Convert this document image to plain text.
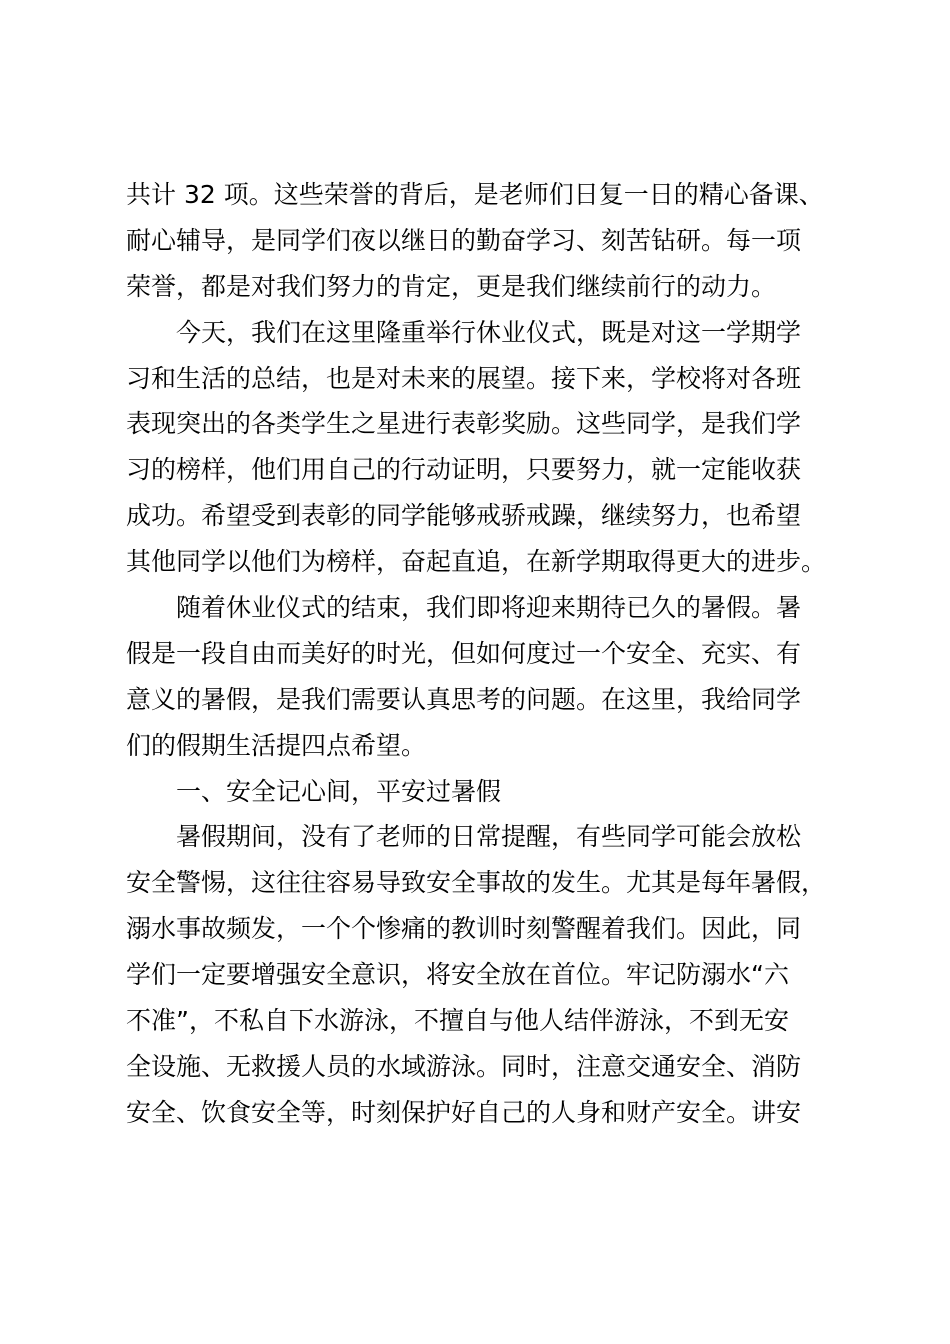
共计 32 项。这些荣誉的背后，是老师们日复一日的精心备课、
耐心辅导，是同学们夜以继日的勤奋学习、刻苦钻研。每一项
荣誉，都是对我们努力的肯定，更是我们继续前行的动力。
今天，我们在这里隆重举行休业仪式，既是对这一学期学
习和生活的总结，也是对未来的展望。接下来，学校将对各班
表现突出的各类学生之星进行表彰奖励。这些同学，是我们学
习的榜样，他们用自己的行动证明，只要努力，就一定能收获
成功。希望受到表彰的同学能够戒骄戒躁，继续努力，也希望
其他同学以他们为榜样，奋起直追，在新学期取得更大的进步。
随着休业仪式的结束，我们即将迎来期待已久的暑假。暑
假是一段自由而美好的时光，但如何度过一个安全、充实、有
意义的暑假，是我们需要认真思考的问题。在这里，我给同学
们的假期生活提四点希望。
一、安全记心间，平安过暑假
暑假期间，没有了老师的日常提醒，有些同学可能会放松
安全警惕，这往往容易导致安全事故的发生。尤其是每年暑假，
溺水事故频发，一个个惨痛的教训时刻警醒着我们。因此，同
学们一定要增强安全意识，将安全放在首位。牢记防溺水“六
不准”，不私自下水游泳，不擅自与他人结伴游泳，不到无安
全设施、无救援人员的水域游泳。同时，注意交通安全、消防
安全、饮食安全等，时刻保护好自己的人身和财产安全。讲安
